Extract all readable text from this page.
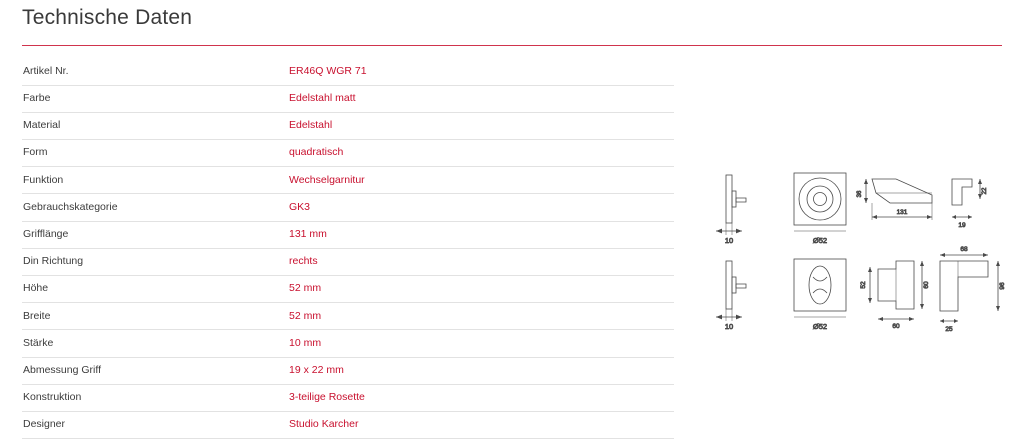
Technische Daten
Artikel Nr.	ER46Q WGR 71
Farbe	Edelstahl matt
Material	Edelstahl
Form	quadratisch
Funktion	Wechselgarnitur
Gebrauchskategorie	GK3
Grifflänge	131 mm
Din Richtung	rechts
Höhe	52 mm
Breite	52 mm
Stärke	10 mm
Abmessung Griff	19 x 22 mm
Konstruktion	3-teilige Rosette
Designer	Studio Karcher
10	Ø52
36
131
22
19
10	Ø52
52	60
60
68
96
25
